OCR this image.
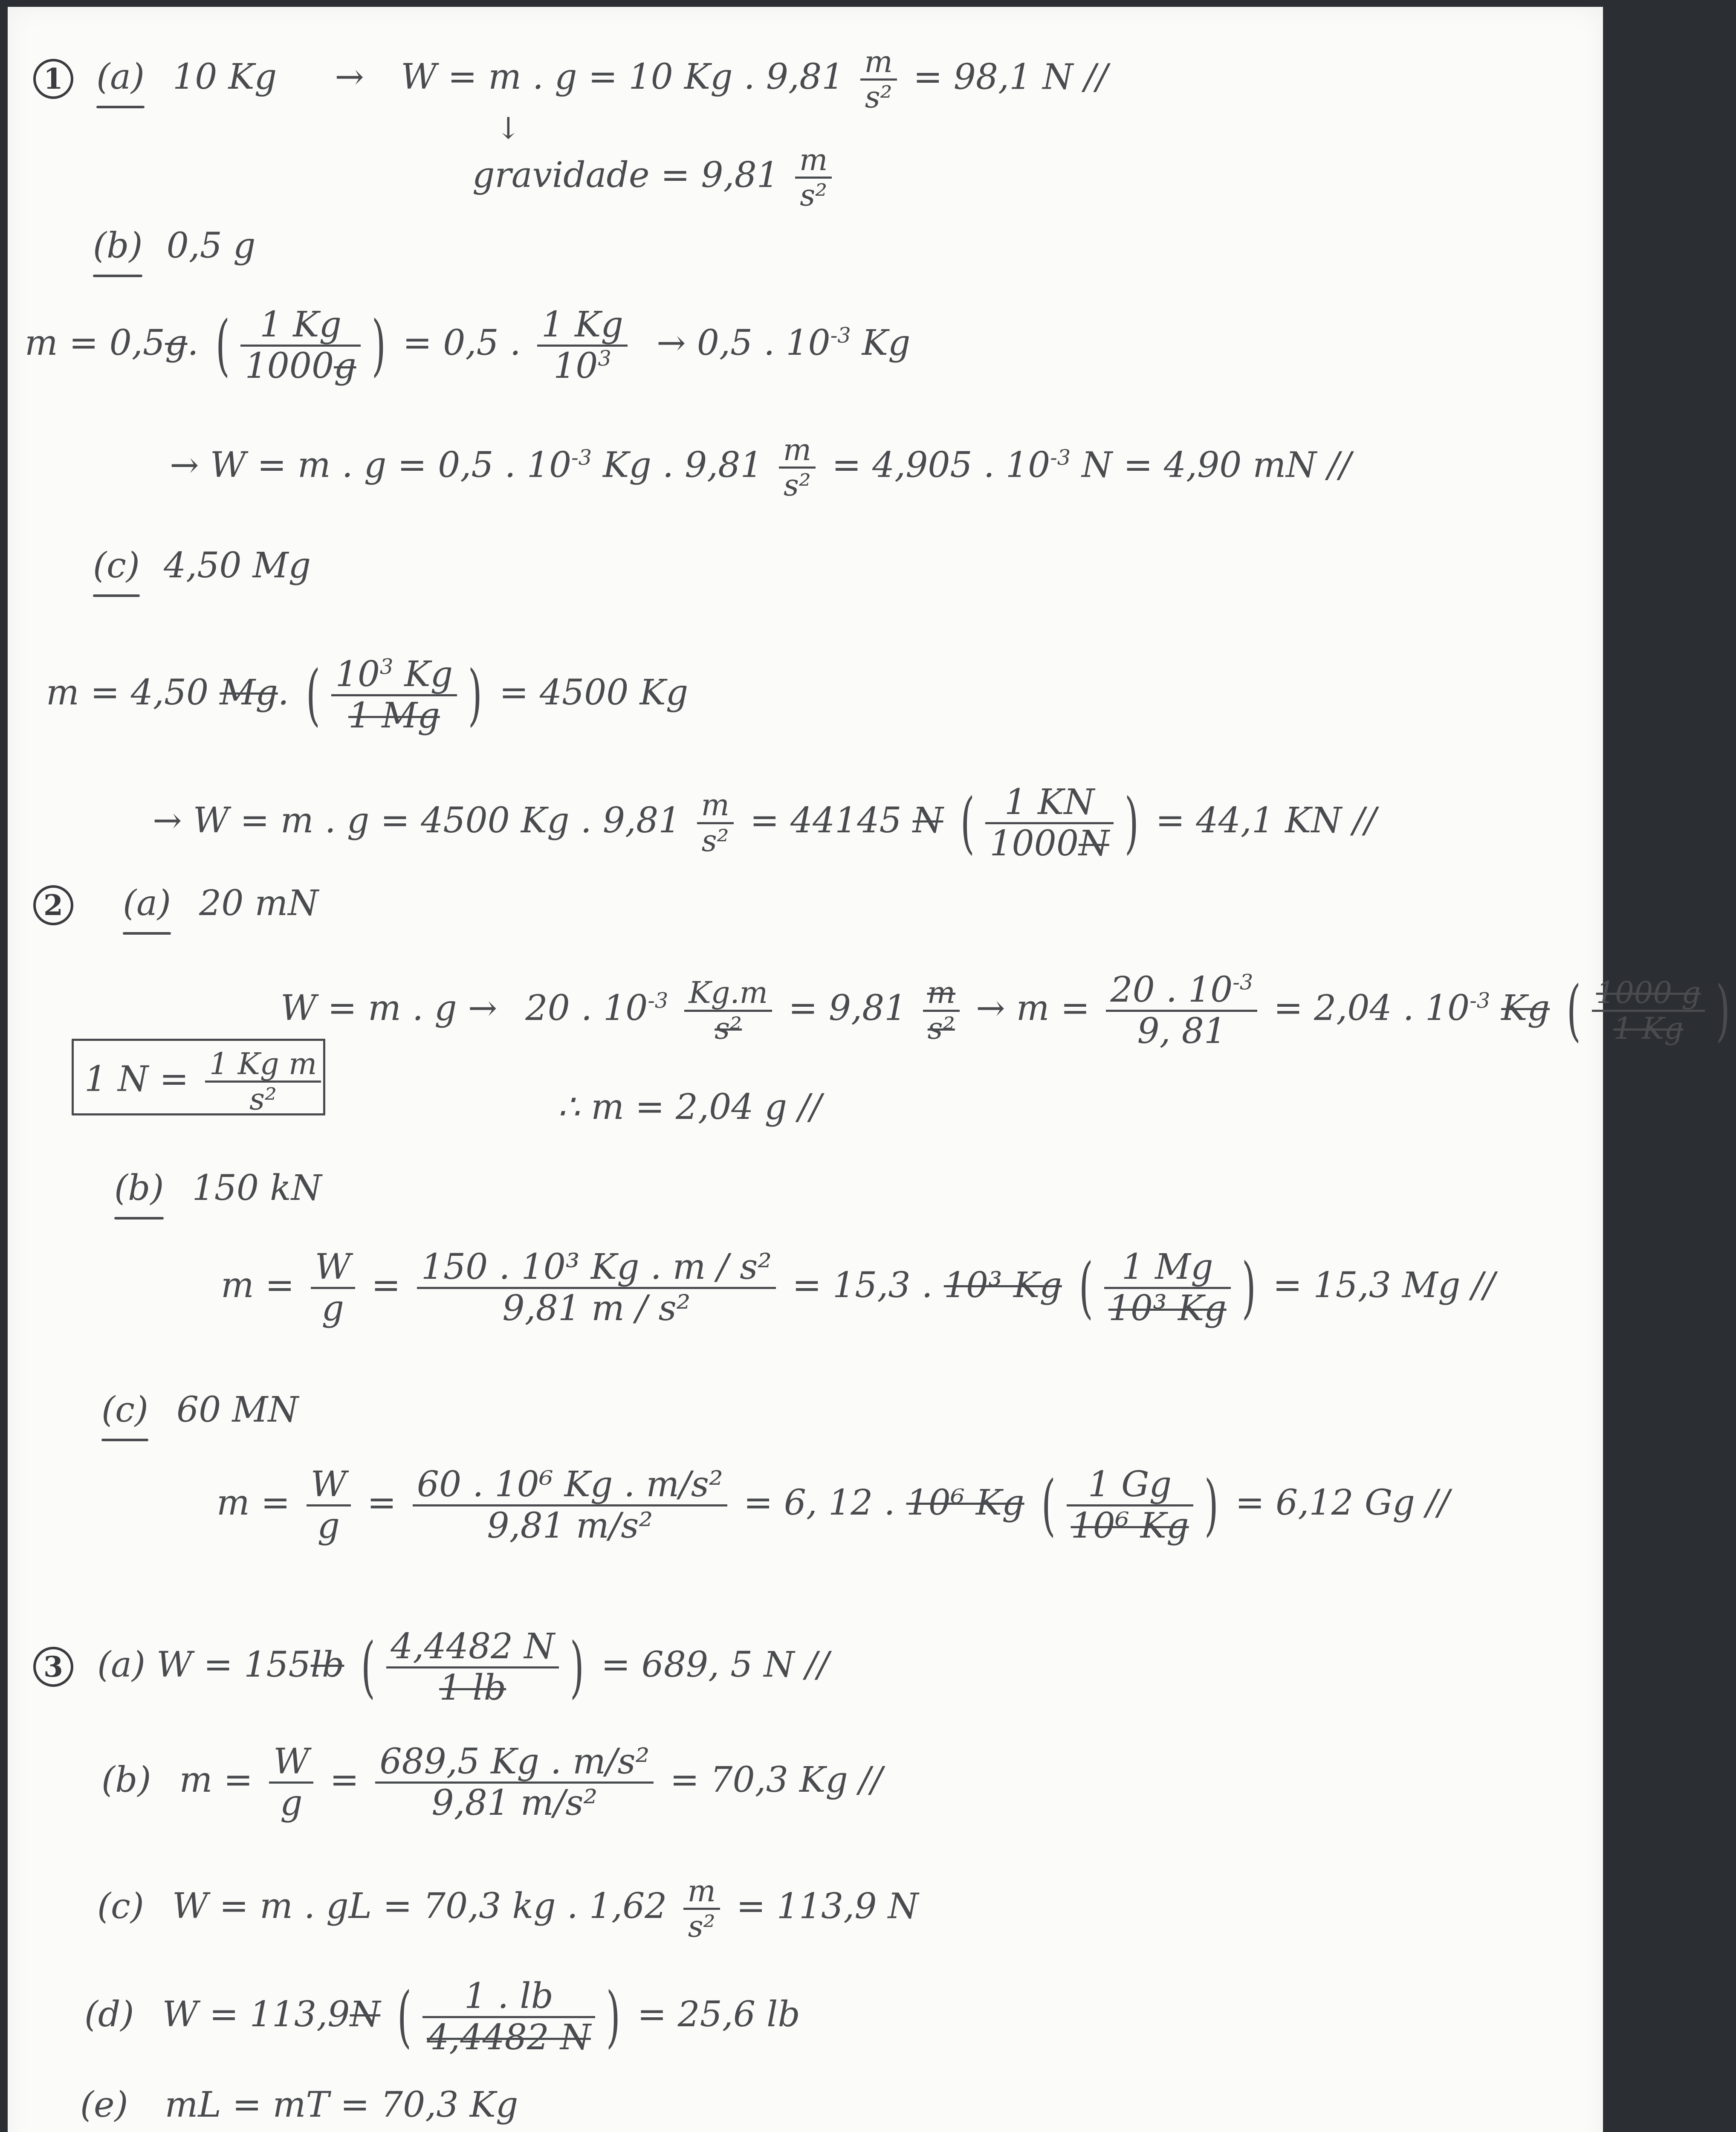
1 (a) 10 Kg → W = m . g = 10 Kg . $9,81 \frac{m}{\text{s²}} = 98,1$ N //
↓
gravidade = $9,81 \frac{m}{\text{s²}}$
(b) 0,5 g
m = 0,5g. ( $\frac{1 Kg}{1000g}$ ) = 0,5 . $\frac{1 Kg}{10^3} \to 0,5$ . $10^{-3}$ Kg
→ W = m . g = 0,5 . $10^{-3}$ Kg . $9,81 \frac{m}{\text{s²}} = 4,905$ . $10^{-3}$ N = 4,90 mN //
(c) 4,50 Mg
m = 4,50 Mg. ( $\frac{10^3 Kg}{1 Mg}$ ) = 4500 Kg
→ W = m . g = 4500 Kg . $9,81 \frac{m}{\text{s²}} = 44145$ N ( $\frac{1 KN}{1000N}$ ) = 44,1 KN //
2 (a) 20 mN
W = m . g → 20 . $10^{-3} \frac{Kg.m}{\text{s²}} = 9,81 \frac{m}{\text{s²}} \to m = \frac{20 . 10^{-3}}{9, 81} = 2,04$ . $10^{-3}$ Kg ( $\frac{1000 g}{1 Kg}$ )
1 $N = \frac{\text{1 Kg m}}{\text{s²}}$	∴ m = 2,04 g //
(b) 150 kN
$m = \frac{W}{g} = \frac{\text{150 . 10³ Kg . m / s²}}{\text{9,81 m / s²}} = 15,3$ . 10³ Kg ( $\frac{1 Mg}{\text{10³ Kg}}$ ) = 15,3 Mg //
(c) 60 MN
$m = \frac{W}{g} = \frac{\text{60 . 10⁶ Kg . m/s²}}{\text{9,81 m/s²}} = 6$, 12 . 10⁶ Kg ( $\frac{1 Gg}{\text{10⁶ Kg}}$ ) = 6,12 Gg //
3 (a) W = 155lb ( $\frac{4,4482 N}{1 lb}$ ) = 689, 5 N //
(b) $m = \frac{W}{g} = \frac{\text{689,5 Kg . m/s²}}{\text{9,81 m/s²}} = 70,3$ Kg //
(c) W = m . gL = 70,3 kg . $1,62 \frac{m}{\text{s²}} = 113,9$ N
(d) W = 113,9N ( $\frac{1 . lb}{4,4482 N}$ ) = 25,6 lb
(e) mL = mT = 70,3 Kg
